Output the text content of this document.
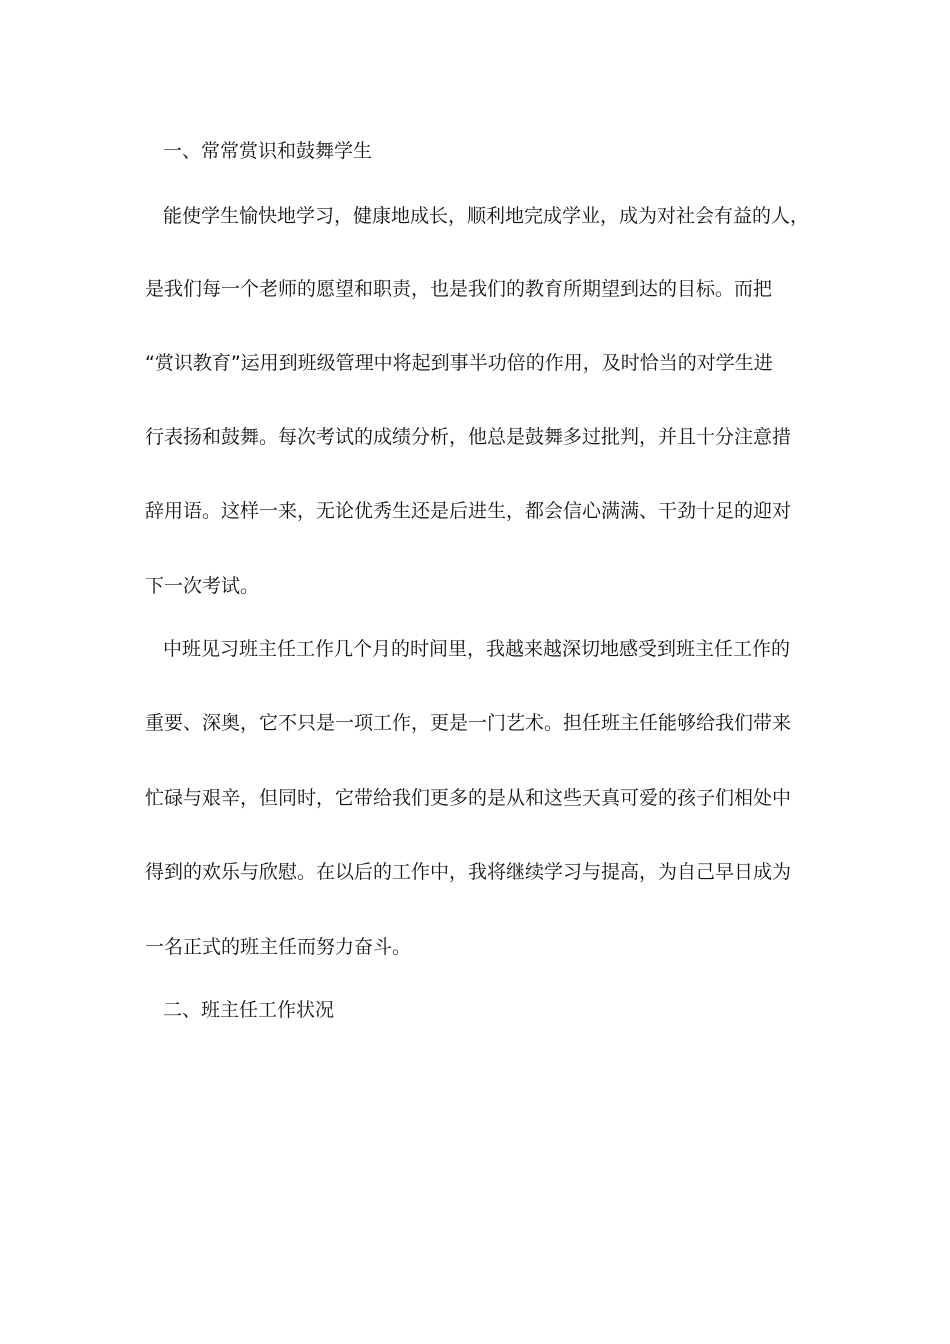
一、常常赏识和鼓舞学生

能使学生愉快地学习，健康地成长，顺利地完成学业，成为对社会有益的人，

是我们每一个老师的愿望和职责，也是我们的教育所期望到达的目标。而把

“赏识教育”运用到班级管理中将起到事半功倍的作用，及时恰当的对学生进

行表扬和鼓舞。每次考试的成绩分析，他总是鼓舞多过批判，并且十分注意措

辞用语。这样一来，无论优秀生还是后进生，都会信心满满、干劲十足的迎对

下一次考试。

中班见习班主任工作几个月的时间里，我越来越深切地感受到班主任工作的

重要、深奥，它不只是一项工作，更是一门艺术。担任班主任能够给我们带来

忙碌与艰辛，但同时，它带给我们更多的是从和这些天真可爱的孩子们相处中

得到的欢乐与欣慰。在以后的工作中，我将继续学习与提高，为自己早日成为

一名正式的班主任而努力奋斗。

二、班主任工作状况
